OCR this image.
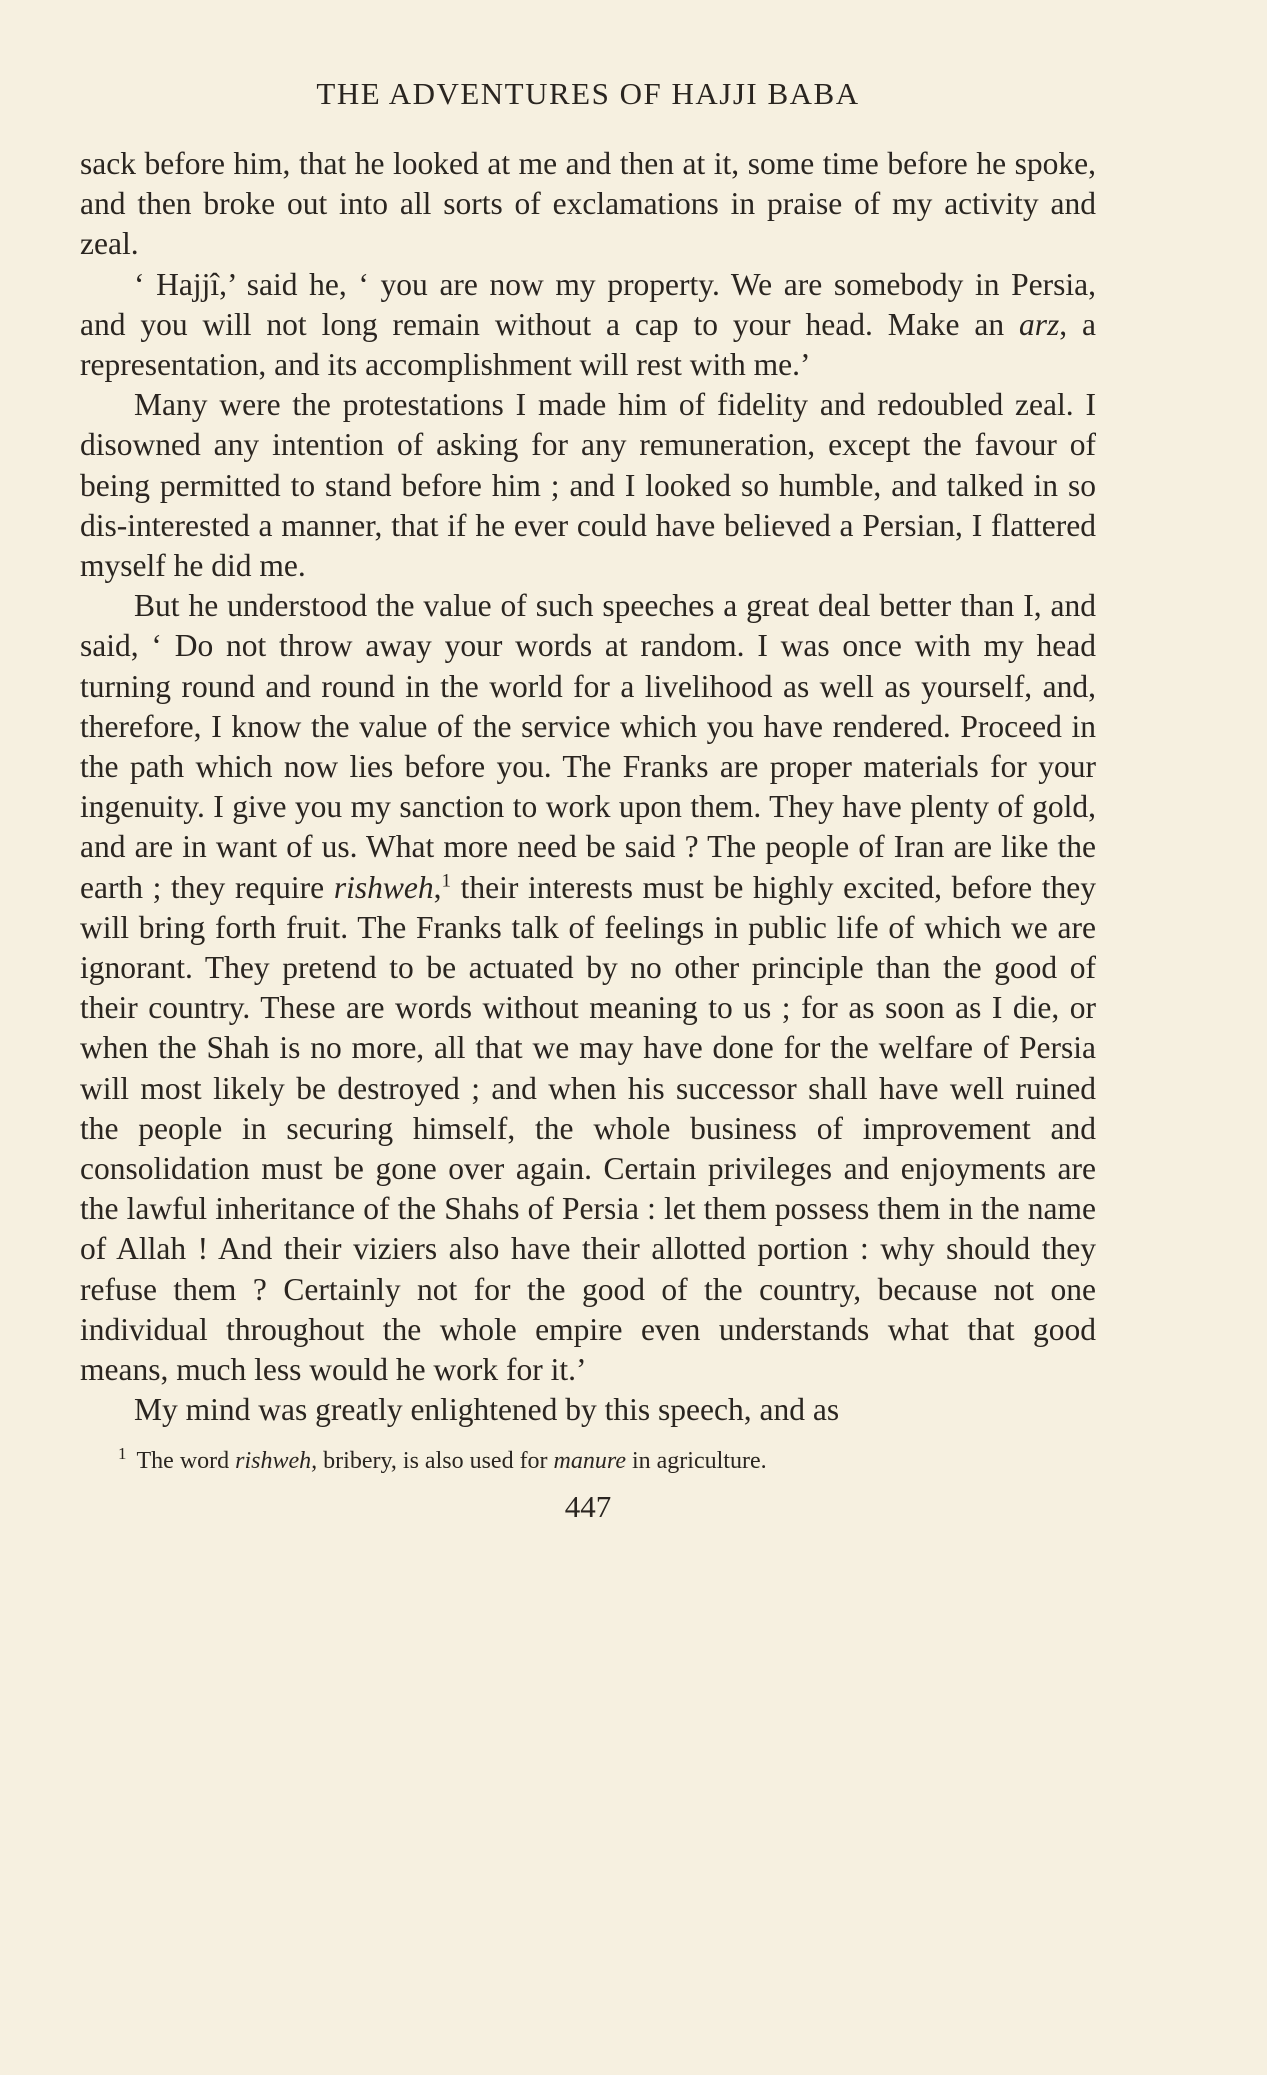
THE ADVENTURES OF HAJJI BABA

sack before him, that he looked at me and then at it, some time before he spoke, and then broke out into all sorts of exclamations in praise of my activity and zeal.

‘ Hajjî,’ said he, ‘ you are now my property. We are somebody in Persia, and you will not long remain without a cap to your head. Make an arz, a representation, and its accomplishment will rest with me.’

Many were the protestations I made him of fidelity and redoubled zeal. I disowned any intention of asking for any remuneration, except the favour of being permitted to stand before him ; and I looked so humble, and talked in so dis-interested a manner, that if he ever could have believed a Persian, I flattered myself he did me.

But he understood the value of such speeches a great deal better than I, and said, ‘ Do not throw away your words at random. I was once with my head turning round and round in the world for a livelihood as well as yourself, and, therefore, I know the value of the service which you have rendered. Proceed in the path which now lies before you. The Franks are proper materials for your ingenuity. I give you my sanction to work upon them. They have plenty of gold, and are in want of us. What more need be said ? The people of Iran are like the earth ; they require rishweh,$^1$ their interests must be highly excited, before they will bring forth fruit. The Franks talk of feelings in public life of which we are ignorant. They pretend to be actuated by no other principle than the good of their country. These are words without meaning to us ; for as soon as I die, or when the Shah is no more, all that we may have done for the welfare of Persia will most likely be destroyed ; and when his successor shall have well ruined the people in securing himself, the whole business of improvement and consolidation must be gone over again. Certain privileges and enjoyments are the lawful inheritance of the Shahs of Persia : let them possess them in the name of Allah ! And their viziers also have their allotted portion : why should they refuse them ? Certainly not for the good of the country, because not one individual throughout the whole empire even understands what that good means, much less would he work for it.’

My mind was greatly enlightened by this speech, and as

$^1$ The word rishweh, bribery, is also used for manure in agriculture.
447
